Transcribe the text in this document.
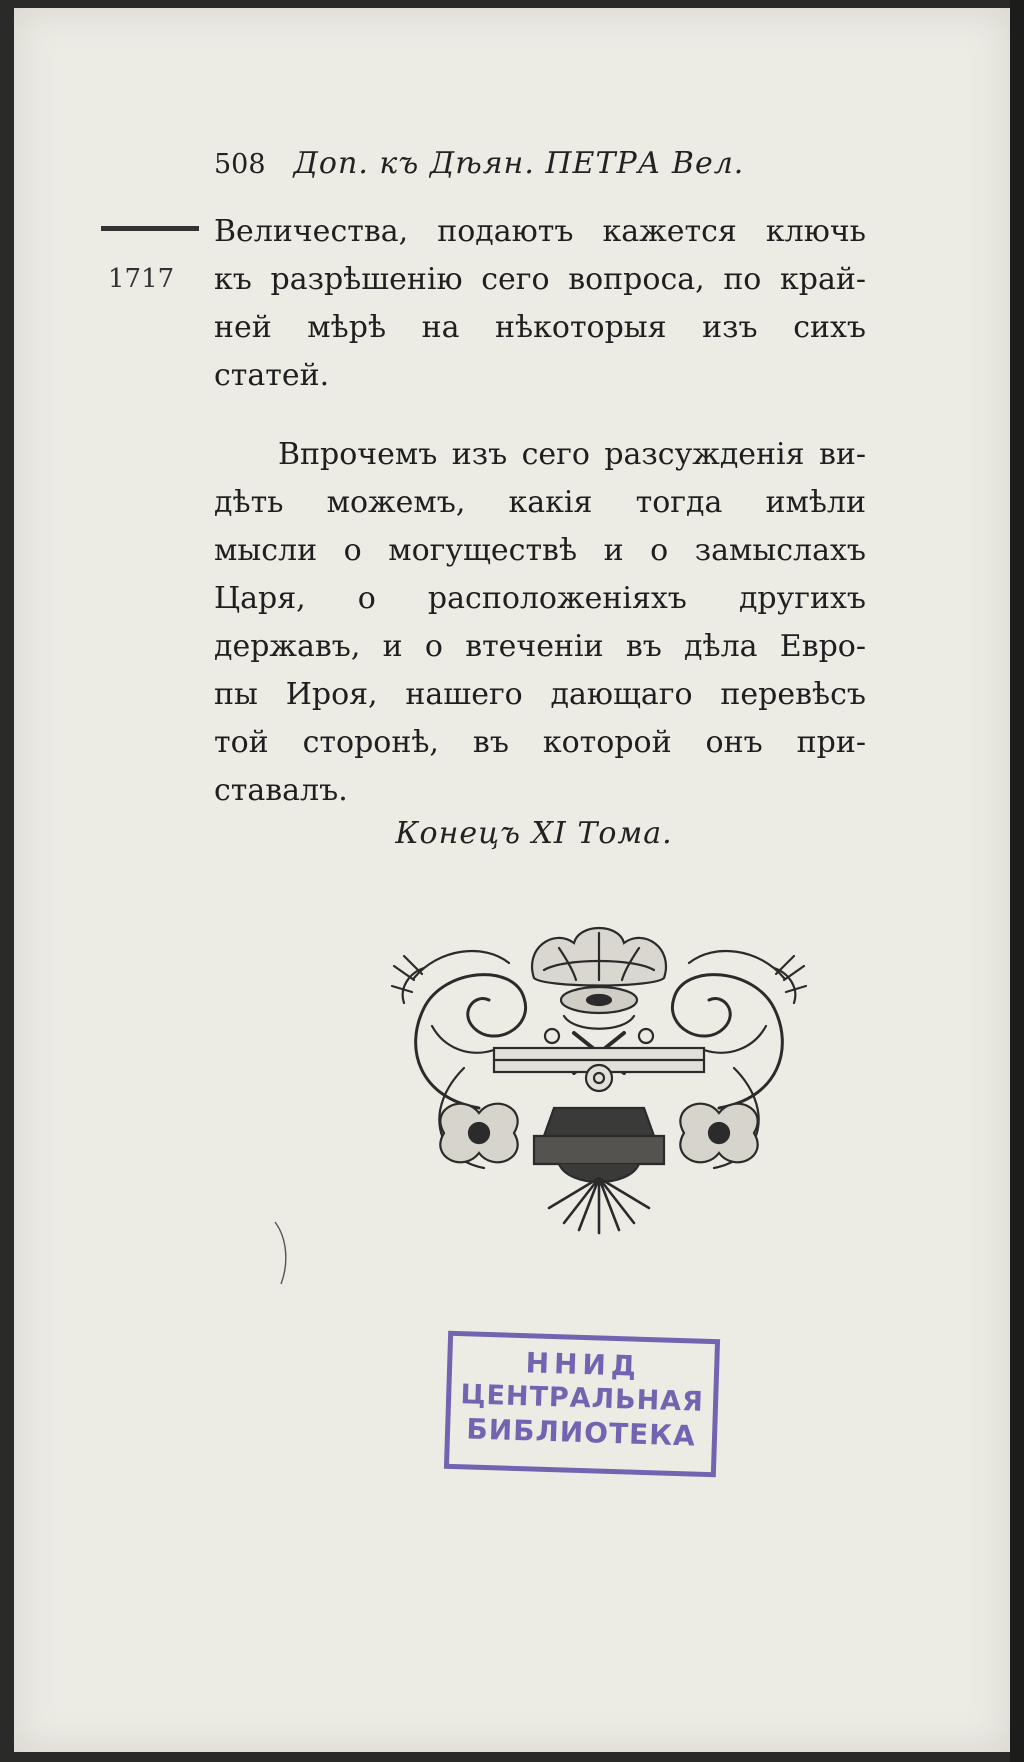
508 Доп. къ Дѣян. ПЕТРА Вел.
1717
Величества, подаютъ кажется ключь
къ разрѣшенію сего вопроса, по край-
ней мѣрѣ на нѣкоторыя изъ сихъ
статей.
Впрочемъ изъ сего разсужденія ви-
дѣть можемъ, какія тогда имѣли
мысли о могуществѣ и о замыслахъ
Царя, о расположеніяхъ другихъ
державъ, и о втеченіи въ дѣла Евро-
пы Ироя, нашего дающаго перевѣсъ
той сторонѣ, въ которой онъ при-
ставалъ.
Конецъ XI Тома.
ННИД
ЦЕНТРАЛЬНАЯ
БИБЛИОТЕКА
